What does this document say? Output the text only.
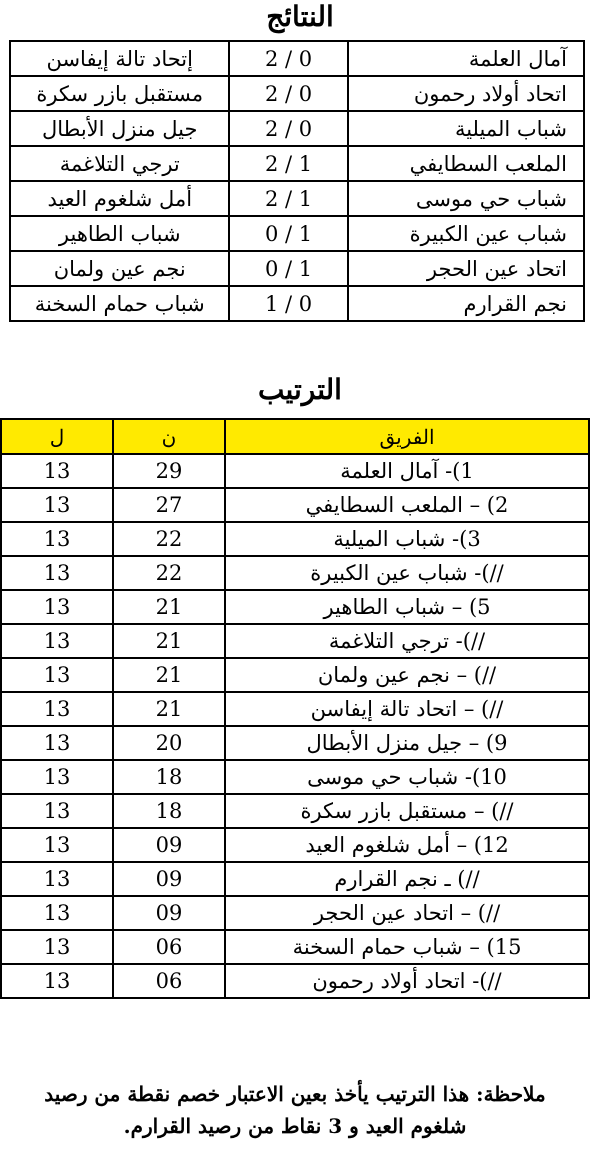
النتائج
إتحاد تالة إيفاسن	2 / 0	آمال العلمة
مستقبل بازر سكرة	2 / 0	اتحاد أولاد رحمون
جيل منزل الأبطال	2 / 0	شباب الميلية
ترجي التلاغمة	2 / 1	الملعب السطايفي
أمل شلغوم العيد	2 / 1	شباب حي موسى
شباب الطاهير	0 / 1	شباب عين الكبيرة
نجم عين ولمان	0 / 1	اتحاد عين الحجر
شباب حمام السخنة	1 / 0	نجم القرارم
الترتيب
ل	ن	الفريق
13	29	1)- آمال العلمة
13	27	2) – الملعب السطايفي
13	22	3)- شباب الميلية
13	22	//)- شباب عين الكبيرة
13	21	5) – شباب الطاهير
13	21	//)- ترجي التلاغمة
13	21	//) – نجم عين ولمان
13	21	//) – اتحاد تالة إيفاسن
13	20	9) – جيل منزل الأبطال
13	18	10)- شباب حي موسى
13	18	//) – مستقبل بازر سكرة
13	09	12) – أمل شلغوم العيد
13	09	//) ـ نجم القرارم
13	09	//) – اتحاد عين الحجر
13	06	15) – شباب حمام السخنة
13	06	//)- اتحاد أولاد رحمون
ملاحظة: هذا الترتيب يأخذ بعين الاعتبار خصم نقطة من رصيد
شلغوم العيد و 3 نقاط من رصيد القرارم.
